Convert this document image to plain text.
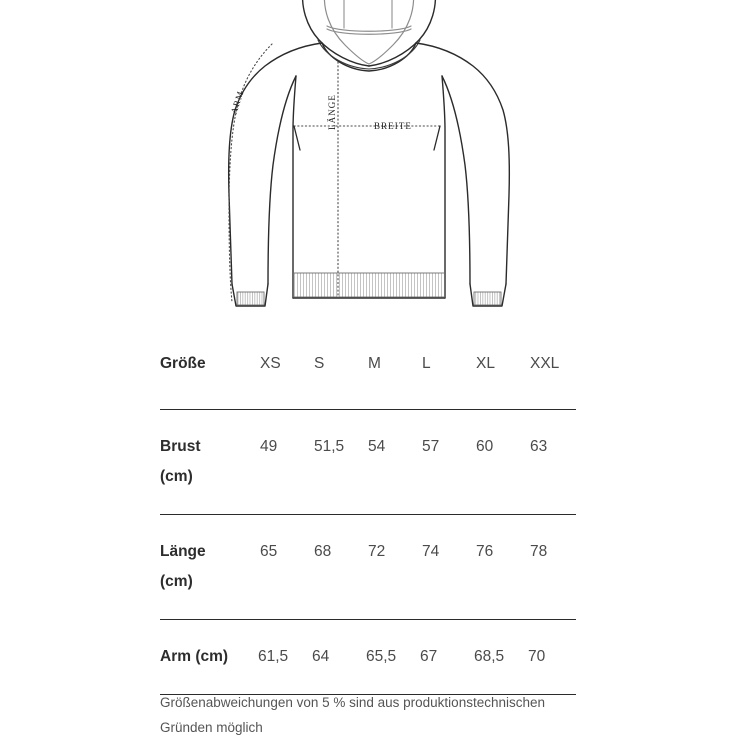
LÄNGE	BREITE
ARM
Größe	XS	S	M	L	XL	XXL

Brust
(cm)	49	51,5	54	57	60	63

Länge
(cm)	65	68	72	74	76	78

Arm (cm)	61,5	64	65,5	67	68,5	70

Größenabweichungen von 5 % sind aus produktionstechnischen Gründen möglich
